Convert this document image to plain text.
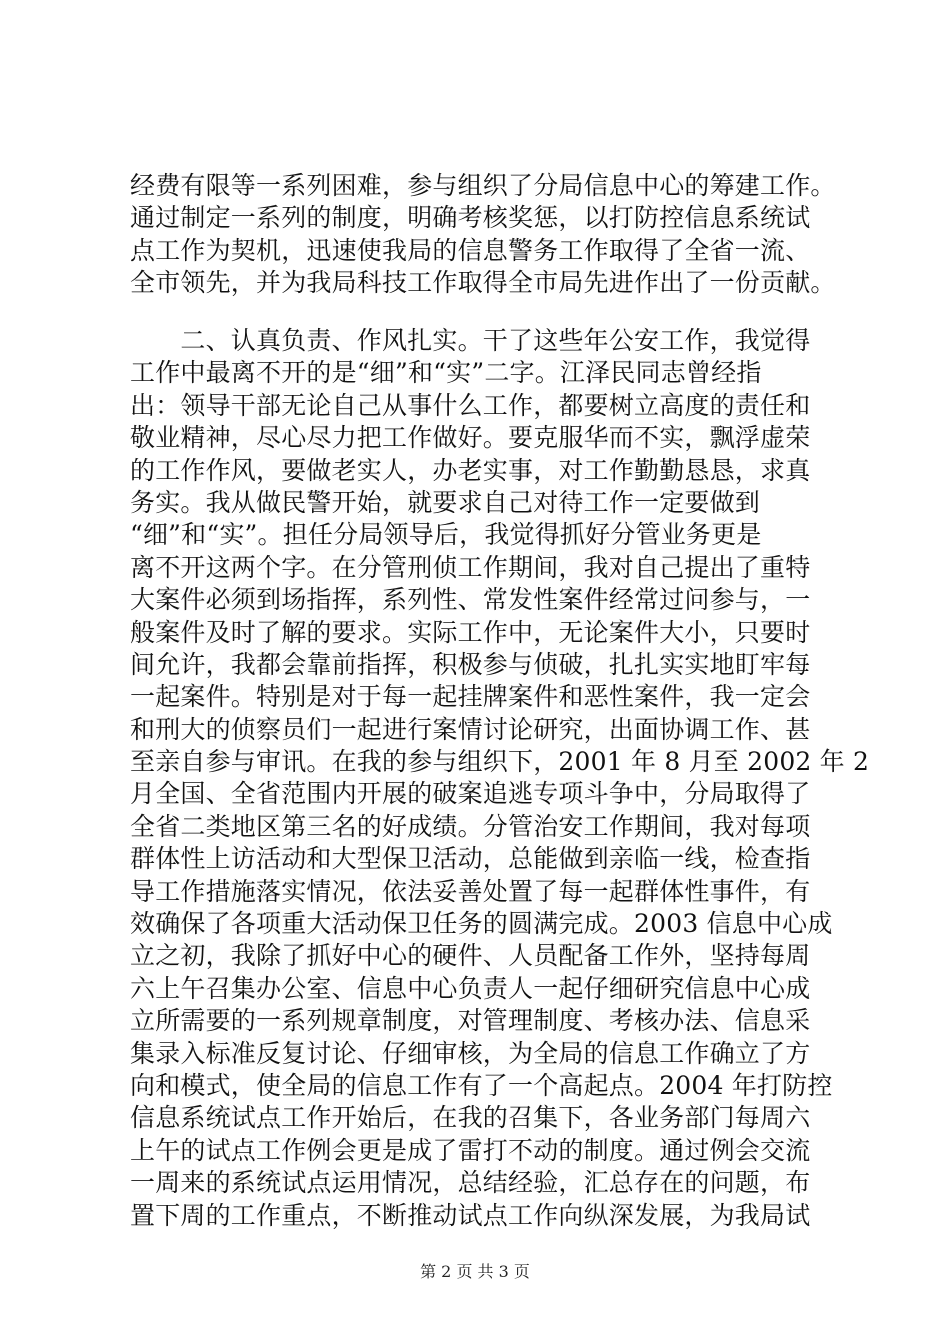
经费有限等一系列困难，参与组织了分局信息中心的筹建工作。
通过制定一系列的制度，明确考核奖惩，以打防控信息系统试
点工作为契机，迅速使我局的信息警务工作取得了全省一流、
全市领先，并为我局科技工作取得全市局先进作出了一份贡献。
　　二、认真负责、作风扎实。干了这些年公安工作，我觉得
工作中最离不开的是“细”和“实”二字。江泽民同志曾经指
出：领导干部无论自己从事什么工作，都要树立高度的责任和
敬业精神，尽心尽力把工作做好。要克服华而不实，飘浮虚荣
的工作作风，要做老实人，办老实事，对工作勤勤恳恳，求真
务实。我从做民警开始，就要求自己对待工作一定要做到
“细”和“实”。担任分局领导后，我觉得抓好分管业务更是
离不开这两个字。在分管刑侦工作期间，我对自己提出了重特
大案件必须到场指挥，系列性、常发性案件经常过问参与，一
般案件及时了解的要求。实际工作中，无论案件大小，只要时
间允许，我都会靠前指挥，积极参与侦破，扎扎实实地盯牢每
一起案件。特别是对于每一起挂牌案件和恶性案件，我一定会
和刑大的侦察员们一起进行案情讨论研究，出面协调工作、甚
至亲自参与审讯。在我的参与组织下，2001 年 8 月至 2002 年 2
月全国、全省范围内开展的破案追逃专项斗争中，分局取得了
全省二类地区第三名的好成绩。分管治安工作期间，我对每项
群体性上访活动和大型保卫活动，总能做到亲临一线，检查指
导工作措施落实情况，依法妥善处置了每一起群体性事件，有
效确保了各项重大活动保卫任务的圆满完成。2003 信息中心成
立之初，我除了抓好中心的硬件、人员配备工作外，坚持每周
六上午召集办公室、信息中心负责人一起仔细研究信息中心成
立所需要的一系列规章制度，对管理制度、考核办法、信息采
集录入标准反复讨论、仔细审核，为全局的信息工作确立了方
向和模式，使全局的信息工作有了一个高起点。2004 年打防控
信息系统试点工作开始后，在我的召集下，各业务部门每周六
上午的试点工作例会更是成了雷打不动的制度。通过例会交流
一周来的系统试点运用情况，总结经验，汇总存在的问题，布
置下周的工作重点，不断推动试点工作向纵深发展，为我局试
第 2 页 共 3 页
